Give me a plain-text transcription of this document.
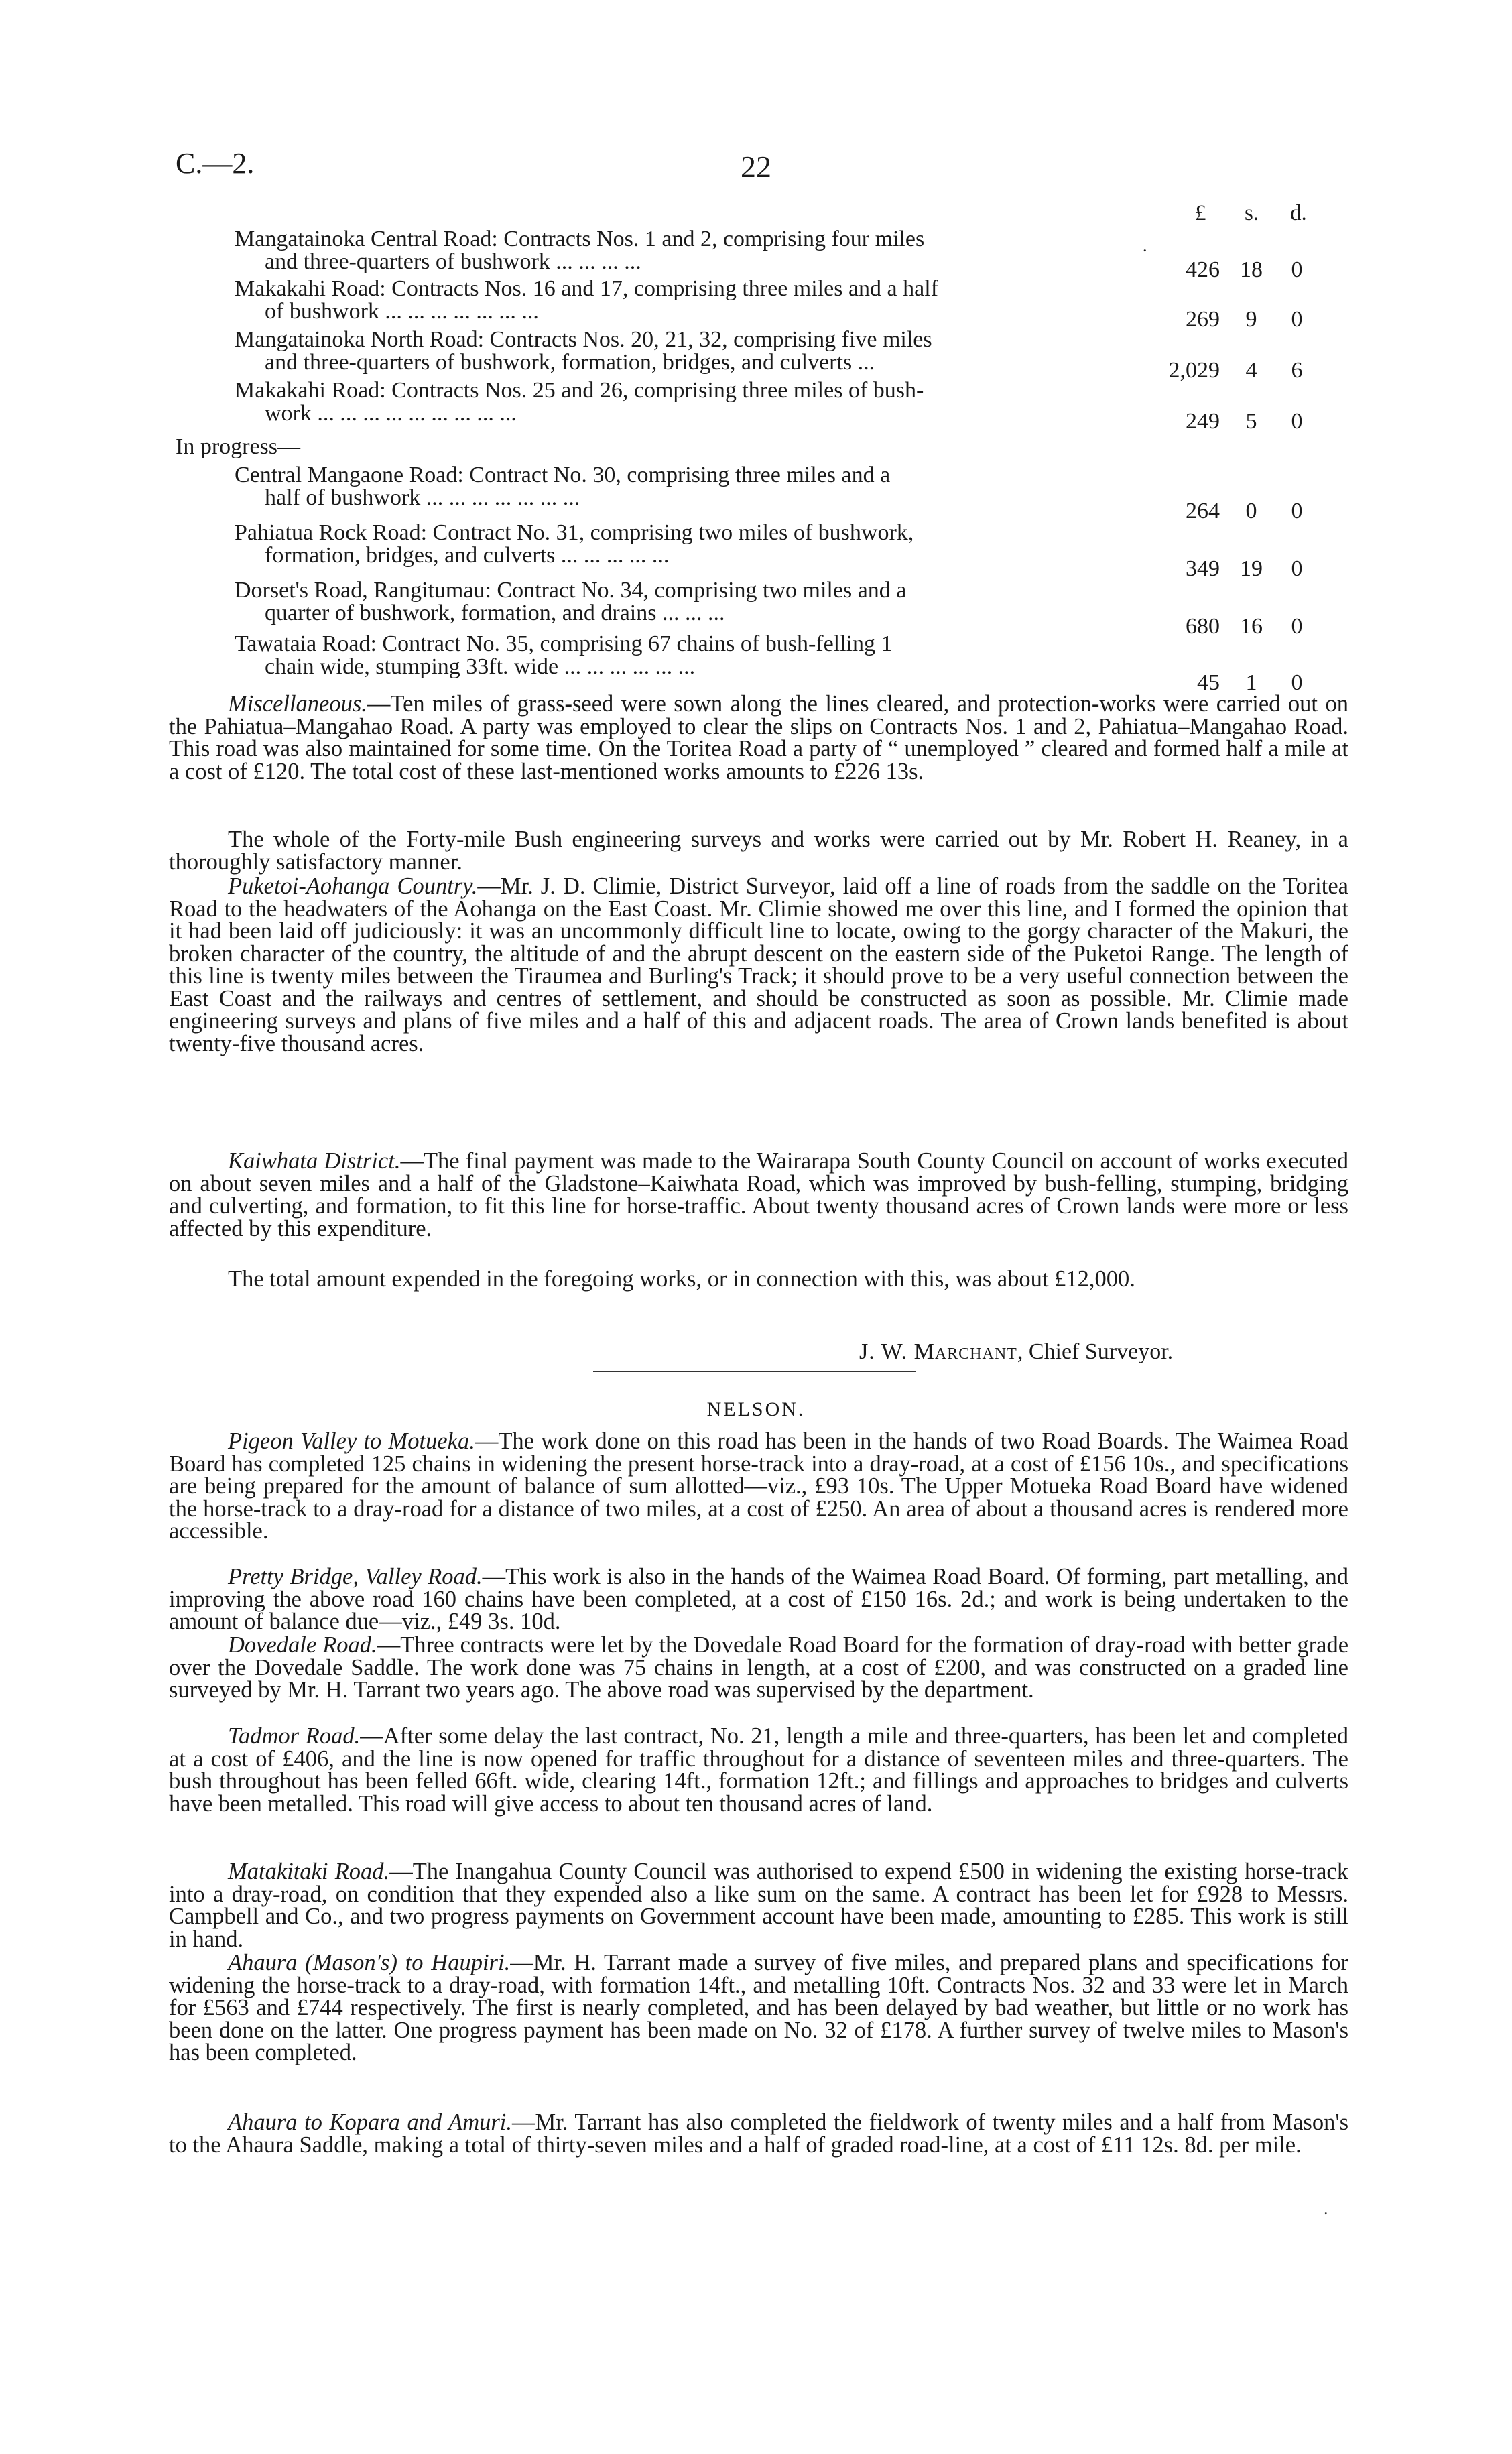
C.—2.	22
£ s. d.
Mangatainoka Central Road: Contracts Nos. 1 and 2, comprising four miles
and three-quarters of bushwork ... ... ... ...	426 18	0
Makakahi Road: Contracts Nos. 16 and 17, comprising three miles and a half
of bushwork ... ... ... ... ... ... ...	269	9	0
Mangatainoka North Road: Contracts Nos. 20, 21, 32, comprising five miles
and three-quarters of bushwork, formation, bridges, and culverts ...	2,029	4	6
Makakahi Road: Contracts Nos. 25 and 26, comprising three miles of bush-
work ... ... ... ... ... ... ... ... ...	249	5	0
In progress—
Central Mangaone Road: Contract No. 30, comprising three miles and a
half of bushwork ... ... ... ... ... ... ...
264	0	0
Pahiatua Rock Road: Contract No. 31, comprising two miles of bushwork,
formation, bridges, and culverts ... ... ... ... ...
349 19	0
Dorset's Road, Rangitumau: Contract No. 34, comprising two miles and a
quarter of bushwork, formation, and drains ... ... ...
680 16	0
Tawataia Road: Contract No. 35, comprising 67 chains of bush-felling 1
chain wide, stumping 33ft. wide ... ... ... ... ... ...
45	1	0
Miscellaneous.—Ten miles of grass-seed were sown along the lines cleared, and protection-works were carried out on the Pahiatua–Mangahao Road. A party was employed to clear the slips on Contracts Nos. 1 and 2, Pahiatua–Mangahao Road. This road was also maintained for some time. On the Toritea Road a party of “ unemployed ” cleared and formed half a mile at a cost of £120. The total cost of these last-mentioned works amounts to £226 13s.
The whole of the Forty-mile Bush engineering surveys and works were carried out by Mr. Robert H. Reaney, in a thoroughly satisfactory manner.
Puketoi-Aohanga Country.—Mr. J. D. Climie, District Surveyor, laid off a line of roads from the saddle on the Toritea Road to the headwaters of the Aohanga on the East Coast. Mr. Climie showed me over this line, and I formed the opinion that it had been laid off judiciously: it was an uncommonly difficult line to locate, owing to the gorgy character of the Makuri, the broken character of the country, the altitude of and the abrupt descent on the eastern side of the Puketoi Range. The length of this line is twenty miles between the Tiraumea and Burling's Track; it should prove to be a very useful connection between the East Coast and the railways and centres of settlement, and should be constructed as soon as possible. Mr. Climie made engineering surveys and plans of five miles and a half of this and adjacent roads. The area of Crown lands benefited is about twenty-five thousand acres.
Kaiwhata District.—The final payment was made to the Wairarapa South County Council on account of works executed on about seven miles and a half of the Gladstone–Kaiwhata Road, which was improved by bush-felling, stumping, bridging and culverting, and formation, to fit this line for horse-traffic. About twenty thousand acres of Crown lands were more or less affected by this expenditure.
The total amount expended in the foregoing works, or in connection with this, was about £12,000.
J. W. Marchant, Chief Surveyor.
NELSON.
Pigeon Valley to Motueka.—The work done on this road has been in the hands of two Road Boards. The Waimea Road Board has completed 125 chains in widening the present horse-track into a dray-road, at a cost of £156 10s., and specifications are being prepared for the amount of balance of sum allotted—viz., £93 10s. The Upper Motueka Road Board have widened the horse-track to a dray-road for a distance of two miles, at a cost of £250. An area of about a thousand acres is rendered more accessible.
Pretty Bridge, Valley Road.—This work is also in the hands of the Waimea Road Board. Of forming, part metalling, and improving the above road 160 chains have been completed, at a cost of £150 16s. 2d.; and work is being undertaken to the amount of balance due—viz., £49 3s. 10d.
Dovedale Road.—Three contracts were let by the Dovedale Road Board for the formation of dray-road with better grade over the Dovedale Saddle. The work done was 75 chains in length, at a cost of £200, and was constructed on a graded line surveyed by Mr. H. Tarrant two years ago. The above road was supervised by the department.
Tadmor Road.—After some delay the last contract, No. 21, length a mile and three-quarters, has been let and completed at a cost of £406, and the line is now opened for traffic throughout for a distance of seventeen miles and three-quarters. The bush throughout has been felled 66ft. wide, clearing 14ft., formation 12ft.; and fillings and approaches to bridges and culverts have been metalled. This road will give access to about ten thousand acres of land.
Matakitaki Road.—The Inangahua County Council was authorised to expend £500 in widening the existing horse-track into a dray-road, on condition that they expended also a like sum on the same. A contract has been let for £928 to Messrs. Campbell and Co., and two progress payments on Government account have been made, amounting to £285. This work is still in hand.
Ahaura (Mason's) to Haupiri.—Mr. H. Tarrant made a survey of five miles, and prepared plans and specifications for widening the horse-track to a dray-road, with formation 14ft., and metalling 10ft. Contracts Nos. 32 and 33 were let in March for £563 and £744 respectively. The first is nearly completed, and has been delayed by bad weather, but little or no work has been done on the latter. One progress payment has been made on No. 32 of £178. A further survey of twelve miles to Mason's has been completed.
Ahaura to Kopara and Amuri.—Mr. Tarrant has also completed the fieldwork of twenty miles and a half from Mason's to the Ahaura Saddle, making a total of thirty-seven miles and a half of graded road-line, at a cost of £11 12s. 8d. per mile.
.
.
